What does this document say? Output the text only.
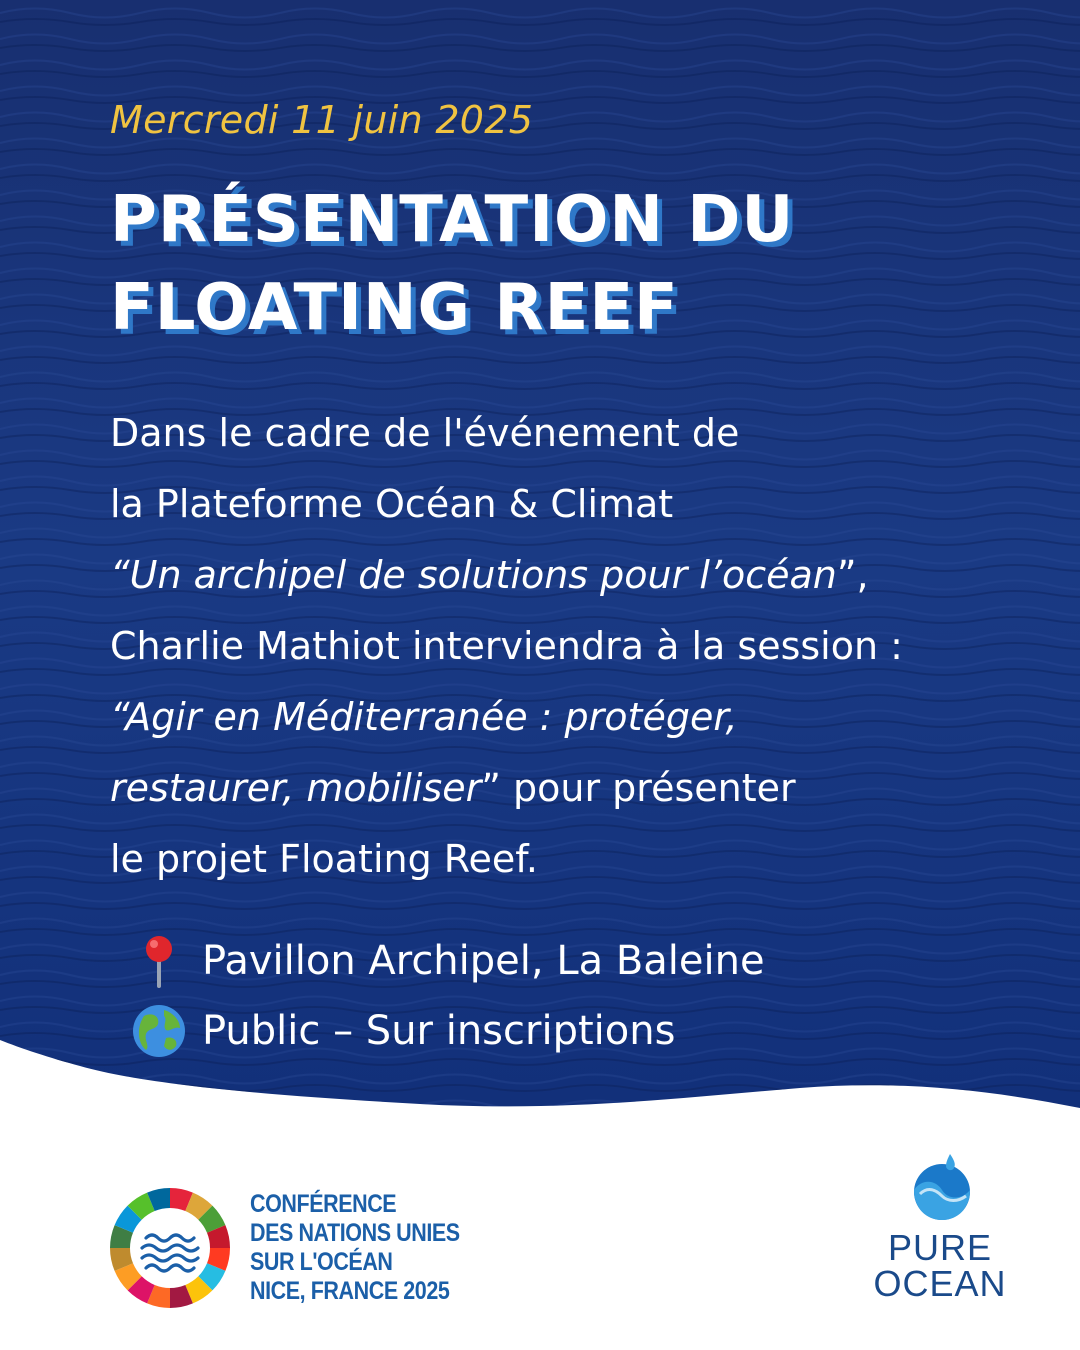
Mercredi 11 juin 2025
PRÉSENTATION DU
FLOATING REEF
Dans le cadre de l'événement de
la Plateforme Océan & Climat
“Un archipel de solutions pour l’océan”,
Charlie Mathiot interviendra à la session :
“Agir en Méditerranée : protéger,
restaurer, mobiliser” pour présenter
le projet Floating Reef.
Pavillon Archipel, La Baleine
Public – Sur inscriptions
CONFÉRENCE
DES NATIONS UNIES
SUR L'OCÉAN
NICE, FRANCE 2025
PURE
OCEAN
